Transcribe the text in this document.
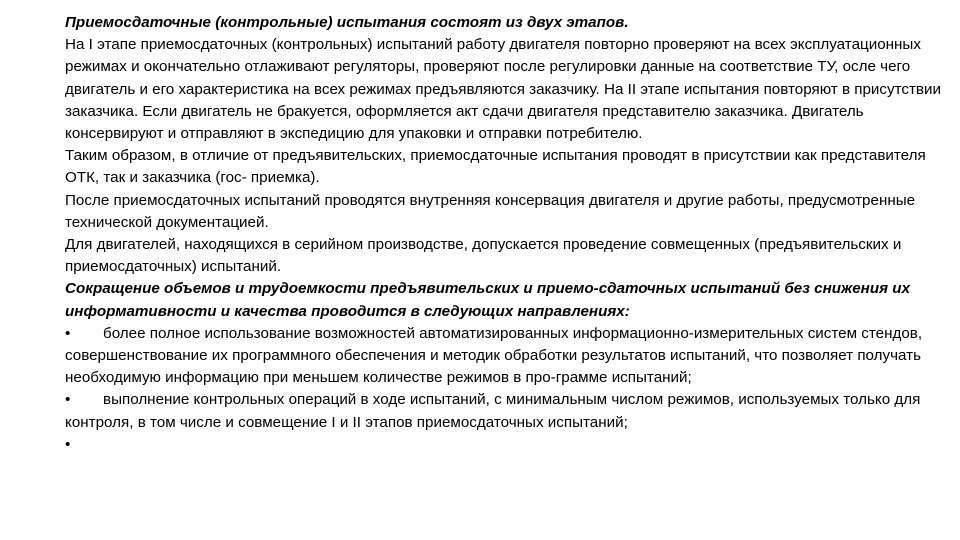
Приемосдаточные (контрольные) испытания состоят из двух этапов.

На I этапе приемосдаточных (контрольных) испытаний работу двигателя повторно проверяют на всех эксплуатационных режимах и окончательно отлаживают регуляторы, проверяют после регулировки данные на соответствие ТУ, осле чего двигатель и его характеристика на всех режимах предъявляются заказчику. На II этапе испытания повторяют в присутствии заказчика. Если двигатель не бракуется, оформляется акт сдачи двигателя представителю заказчика. Двигатель консервируют и отправляют в экспедицию для упаковки и отправки потребителю.

Таким образом, в отличие от предъявительских, приемосдаточные испытания проводят в присутствии как представителя ОТК, так и заказчика (гос- приемка).

После приемосдаточных испытаний проводятся внутренняя консервация двигателя и другие работы, предусмотренные технической документацией.

Для двигателей, находящихся в серийном производстве, допускается проведение совмещенных (предъявительских и приемосдаточных) испытаний.

Сокращение объемов и трудоемкости предъявительских и приемо-сдаточных испытаний без снижения их информативности и качества проводится в следующих направлениях:

• более полное использование возможностей автоматизированных информационно-измерительных систем стендов, совершенствование их программного обеспечения и методик обработки результатов испытаний, что позволяет получать необходимую информацию при меньшем количестве режимов в про-грамме испытаний;

• выполнение контрольных операций в ходе испытаний, с минимальным числом режимов, используемых только для контроля, в том числе и совмещение I и II этапов приемосдаточных испытаний;

•
